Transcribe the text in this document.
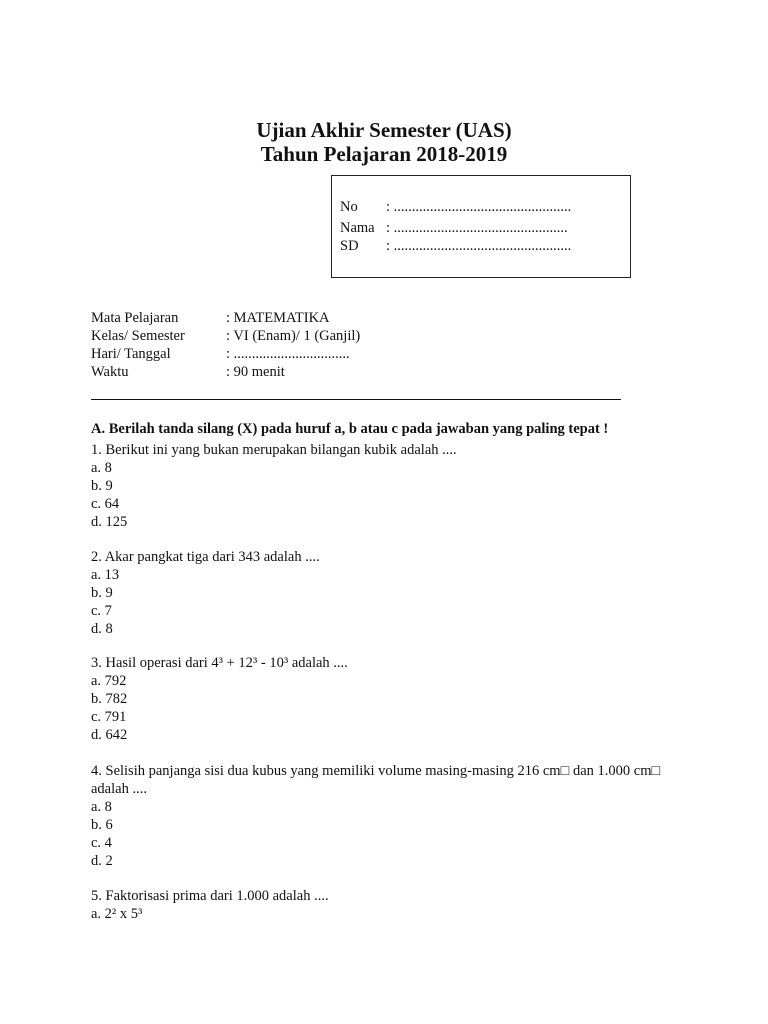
Ujian Akhir Semester (UAS)
Tahun Pelajaran 2018-2019
No : .................................................
Nama : ................................................
SD : .................................................
Mata Pelajaran	: MATEMATIKA
Kelas/ Semester	: VI (Enam)/ 1 (Ganjil)
Hari/ Tanggal	: ................................
Waktu	: 90 menit
A. Berilah tanda silang (X) pada huruf a, b atau c pada jawaban yang paling tepat !
1. Berikut ini yang bukan merupakan bilangan kubik adalah ....
a. 8
b. 9
c. 64
d. 125
2. Akar pangkat tiga dari 343 adalah ....
a. 13
b. 9
c. 7
d. 8
3. Hasil operasi dari 4³ + 12³ - 10³ adalah ....
a. 792
b. 782
c. 791
d. 642
4. Selisih panjanga sisi dua kubus yang memiliki volume masing-masing 216 cm□ dan 1.000 cm□ adalah ....
a. 8
b. 6
c. 4
d. 2
5. Faktorisasi prima dari 1.000 adalah ....
a. 2² x 5³
